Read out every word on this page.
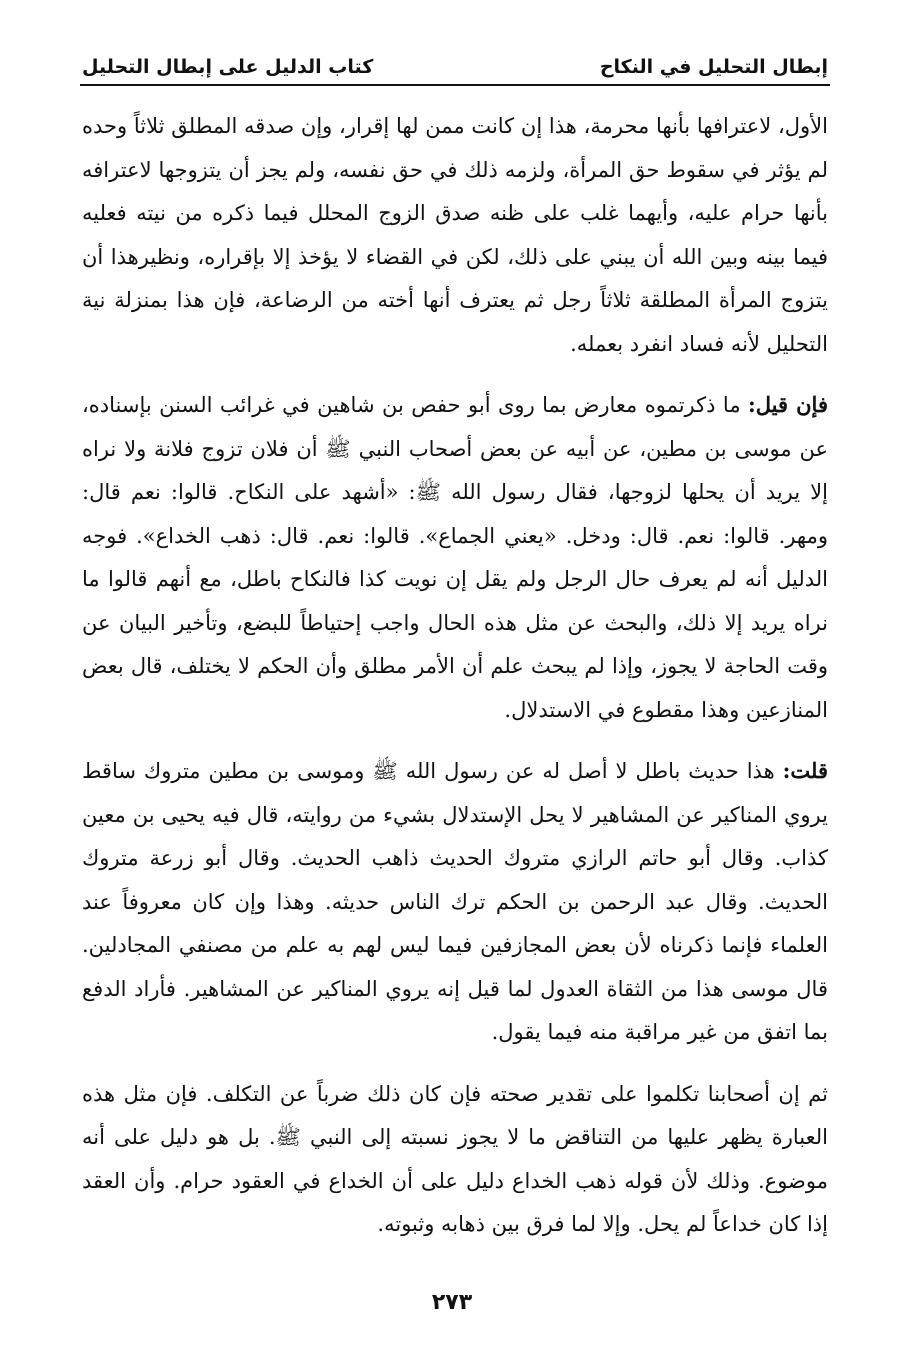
إبطال التحليل في النكاح
كتاب الدليل على إبطال التحليل

الأول، لاعترافها بأنها محرمة، هذا إن كانت ممن لها إقرار، وإن صدقه المطلق ثلاثاً وحده لم يؤثر في سقوط حق المرأة، ولزمه ذلك في حق نفسه، ولم يجز أن يتزوجها لاعترافه بأنها حرام عليه، وأيهما غلب على ظنه صدق الزوج المحلل فيما ذكره من نيته فعليه فيما بينه وبين الله أن يبني على ذلك، لكن في القضاء لا يؤخذ إلا بإقراره، ونظيرهذا أن يتزوج المرأة المطلقة ثلاثاً رجل ثم يعترف أنها أخته من الرضاعة، فإن هذا بمنزلة نية التحليل لأنه فساد انفرد بعمله.

فإن قيل: ما ذكرتموه معارض بما روى أبو حفص بن شاهين في غرائب السنن بإسناده، عن موسى بن مطين، عن أبيه عن بعض أصحاب النبي ﷺ أن فلان تزوج فلانة ولا نراه إلا يريد أن يحلها لزوجها، فقال رسول الله ﷺ: «أشهد على النكاح. قالوا: نعم قال: ومهر. قالوا: نعم. قال: ودخل. «يعني الجماع». قالوا: نعم. قال: ذهب الخداع». فوجه الدليل أنه لم يعرف حال الرجل ولم يقل إن نويت كذا فالنكاح باطل، مع أنهم قالوا ما نراه يريد إلا ذلك، والبحث عن مثل هذه الحال واجب إحتياطاً للبضع، وتأخير البيان عن وقت الحاجة لا يجوز، وإذا لم يبحث علم أن الأمر مطلق وأن الحكم لا يختلف، قال بعض المنازعين وهذا مقطوع في الاستدلال.

قلت: هذا حديث باطل لا أصل له عن رسول الله ﷺ وموسى بن مطين متروك ساقط يروي المناكير عن المشاهير لا يحل الإستدلال بشيء من روايته، قال فيه يحيى بن معين كذاب. وقال أبو حاتم الرازي متروك الحديث ذاهب الحديث. وقال أبو زرعة متروك الحديث. وقال عبد الرحمن بن الحكم ترك الناس حديثه. وهذا وإن كان معروفاً عند العلماء فإنما ذكرناه لأن بعض المجازفين فيما ليس لهم به علم من مصنفي المجادلين. قال موسى هذا من الثقاة العدول لما قيل إنه يروي المناكير عن المشاهير. فأراد الدفع بما اتفق من غير مراقبة منه فيما يقول.

ثم إن أصحابنا تكلموا على تقدير صحته فإن كان ذلك ضرباً عن التكلف. فإن مثل هذه العبارة يظهر عليها من التناقض ما لا يجوز نسبته إلى النبي ﷺ. بل هو دليل على أنه موضوع. وذلك لأن قوله ذهب الخداع دليل على أن الخداع في العقود حرام. وأن العقد إذا كان خداعاً لم يحل. وإلا لما فرق بين ذهابه وثبوته.

٢٧٣
